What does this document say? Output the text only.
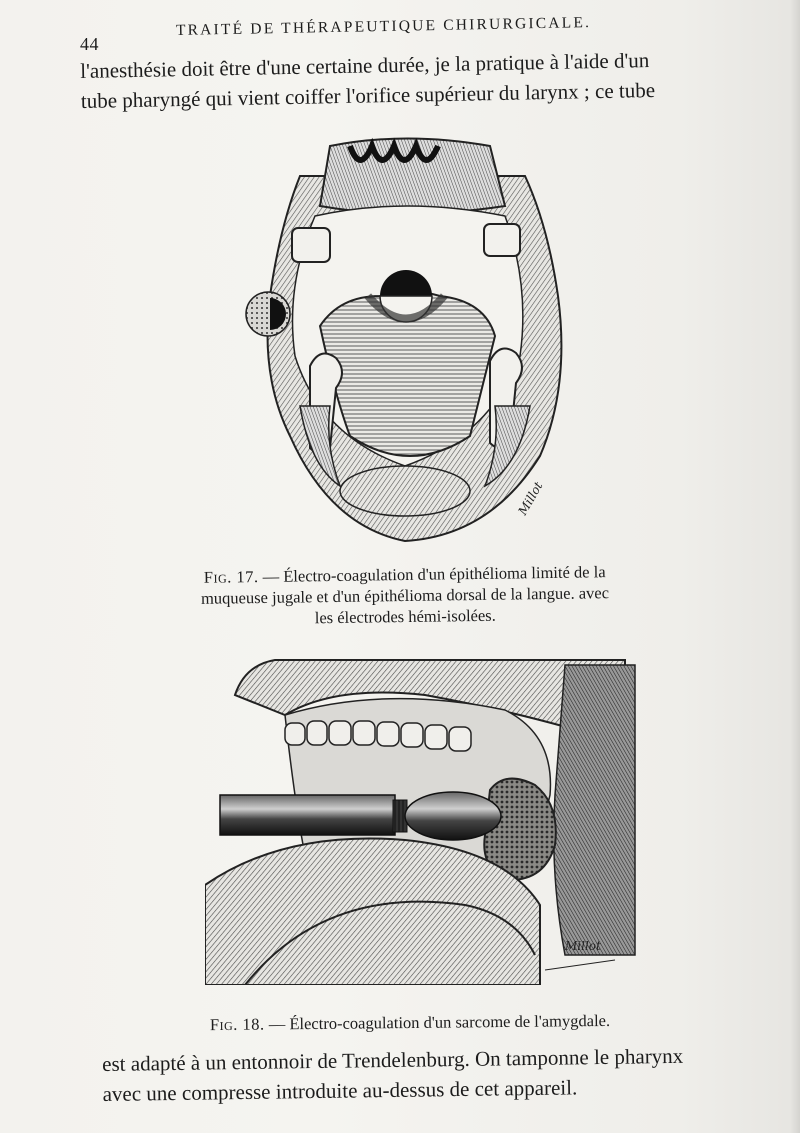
44
TRAITÉ DE THÉRAPEUTIQUE CHIRURGICALE.

l'anesthésie doit être d'une certaine durée, je la pratique à l'aide d'un
tube pharyngé qui vient coiffer l'orifice supérieur du larynx ; ce tube

Millot
Fig. 17. — Électro-coagulation d'un épithélioma limité de la
muqueuse jugale et d'un épithélioma dorsal de la langue. avec
les électrodes hémi-isolées.
Millot
Fig. 18. — Électro-coagulation d'un sarcome de l'amygdale.

est adapté à un entonnoir de Trendelenburg. On tamponne le pharynx
avec une compresse introduite au-dessus de cet appareil.
